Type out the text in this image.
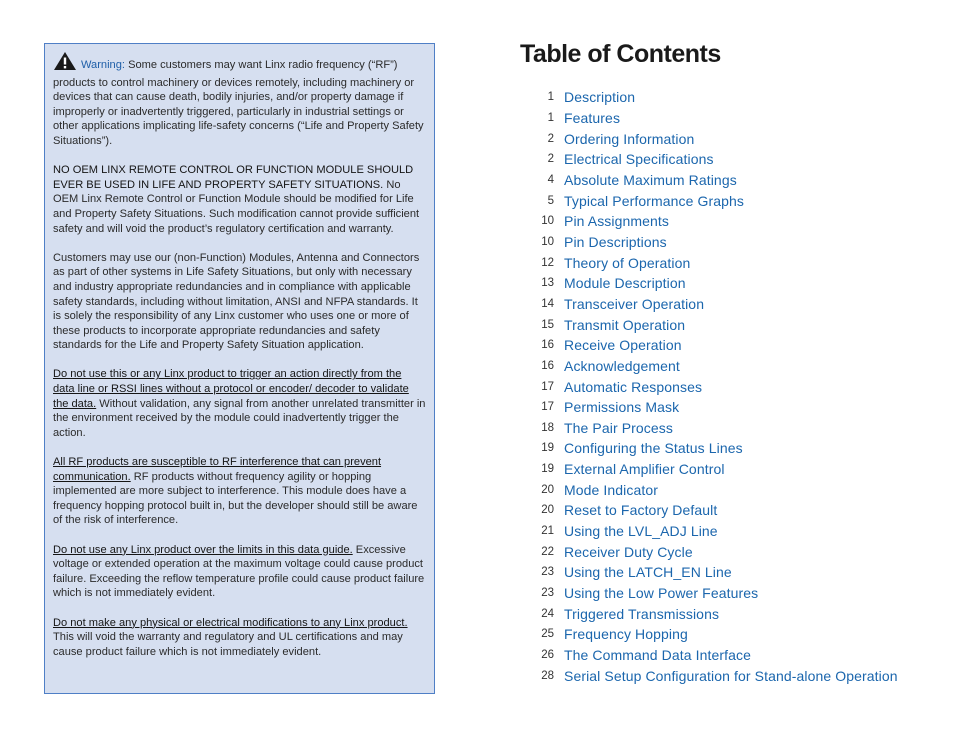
Warning: Some customers may want Linx radio frequency (“RF”) products to control machinery or devices remotely, including machinery or devices that can cause death, bodily injuries, and/or property damage if improperly or inadvertently triggered, particularly in industrial settings or other applications implicating life-safety concerns (“Life and Property Safety Situations”).

NO OEM LINX REMOTE CONTROL OR FUNCTION MODULE SHOULD EVER BE USED IN LIFE AND PROPERTY SAFETY SITUATIONS. No OEM Linx Remote Control or Function Module should be modified for Life and Property Safety Situations. Such modification cannot provide sufficient safety and will void the product’s regulatory certification and warranty.

Customers may use our (non-Function) Modules, Antenna and Connectors as part of other systems in Life Safety Situations, but only with necessary and industry appropriate redundancies and in compliance with applicable safety standards, including without limitation, ANSI and NFPA standards. It is solely the responsibility of any Linx customer who uses one or more of these products to incorporate appropriate redundancies and safety standards for the Life and Property Safety Situation application.

Do not use this or any Linx product to trigger an action directly from the data line or RSSI lines without a protocol or encoder/ decoder to validate the data. Without validation, any signal from another unrelated transmitter in the environment received by the module could inadvertently trigger the action.

All RF products are susceptible to RF interference that can prevent communication. RF products without frequency agility or hopping implemented are more subject to interference. This module does have a frequency hopping protocol built in, but the developer should still be aware of the risk of interference.

Do not use any Linx product over the limits in this data guide. Excessive voltage or extended operation at the maximum voltage could cause product failure. Exceeding the reflow temperature profile could cause product failure which is not immediately evident.

Do not make any physical or electrical modifications to any Linx product. This will void the warranty and regulatory and UL certifications and may cause product failure which is not immediately evident.

Table of Contents
1 Description
1 Features
2 Ordering Information
2 Electrical Specifications
4 Absolute Maximum Ratings
5 Typical Performance Graphs
10 Pin Assignments
10 Pin Descriptions
12 Theory of Operation
13 Module Description
14 Transceiver Operation
15 Transmit Operation
16 Receive Operation
16 Acknowledgement
17 Automatic Responses
17 Permissions Mask
18 The Pair Process
19 Configuring the Status Lines
19 External Amplifier Control
20 Mode Indicator
20 Reset to Factory Default
21 Using the LVL_ADJ Line
22 Receiver Duty Cycle
23 Using the LATCH_EN Line
23 Using the Low Power Features
24 Triggered Transmissions
25 Frequency Hopping
26 The Command Data Interface
28 Serial Setup Configuration for Stand-alone Operation
